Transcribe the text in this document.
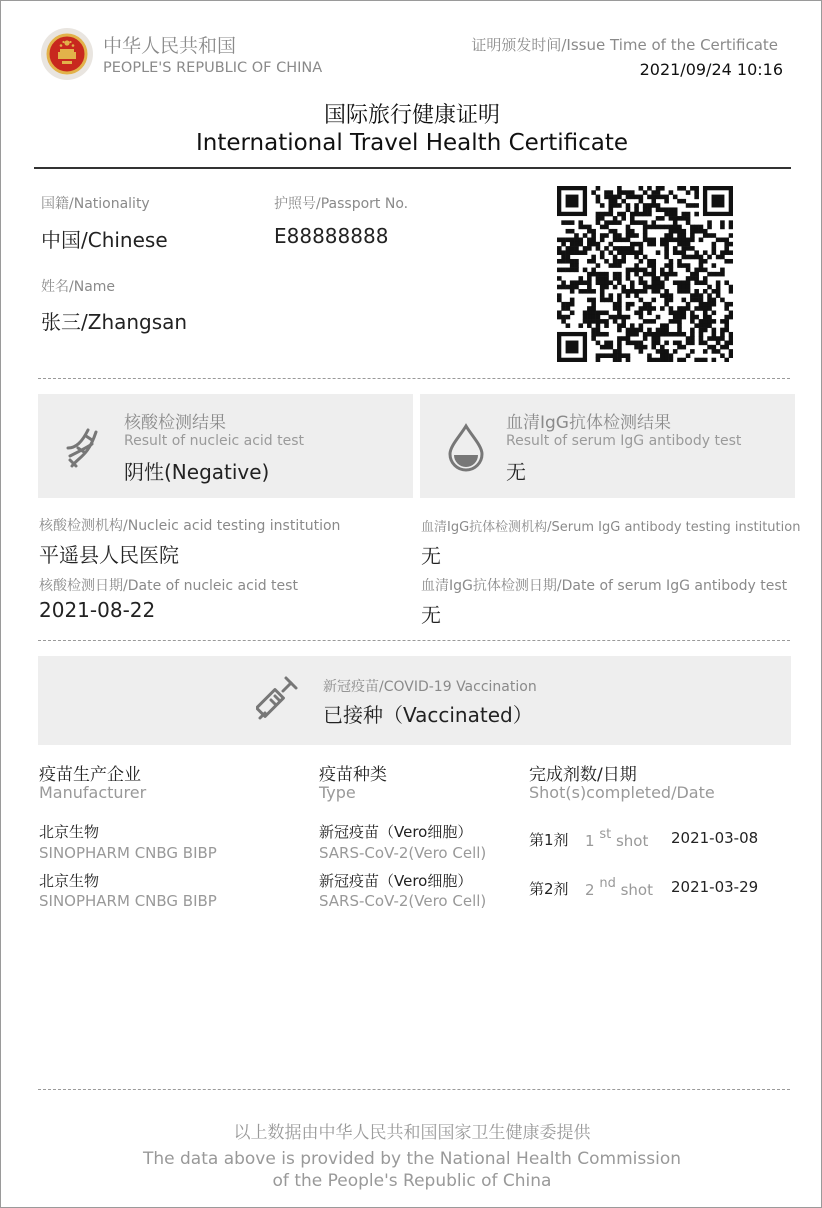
中华人民共和国
PEOPLE'S REPUBLIC OF CHINA
证明颁发时间/Issue Time of the Certificate
2021/09/24 10:16
国际旅行健康证明
International Travel Health Certificate
国籍/Nationality
中国/Chinese
护照号/Passport No.
E88888888
姓名/Name
张三/Zhangsan
核酸检测结果
Result of nucleic acid test
阴性(Negative)
血清IgG抗体检测结果
Result of serum IgG antibody test
无
核酸检测机构/Nucleic acid testing institution
平遥县人民医院
核酸检测日期/Date of nucleic acid test
2021-08-22
血清IgG抗体检测机构/Serum IgG antibody testing institution
无
血清IgG抗体检测日期/Date of serum IgG antibody test
无
新冠疫苗/COVID-19 Vaccination
已接种（Vaccinated）
疫苗生产企业
Manufacturer
疫苗种类
Type
完成剂数/日期
Shot(s)completed/Date
北京生物
SINOPHARM CNBG BIBP
新冠疫苗（Vero细胞）
SARS-CoV-2(Vero Cell)
第1剂 1 $^{st}$ shot 2021-03-08
北京生物
SINOPHARM CNBG BIBP
新冠疫苗（Vero细胞）
SARS-CoV-2(Vero Cell)
第2剂 2 $^{nd}$ shot 2021-03-29
以上数据由中华人民共和国国家卫生健康委提供
The data above is provided by the National Health Commission
of the People's Republic of China
